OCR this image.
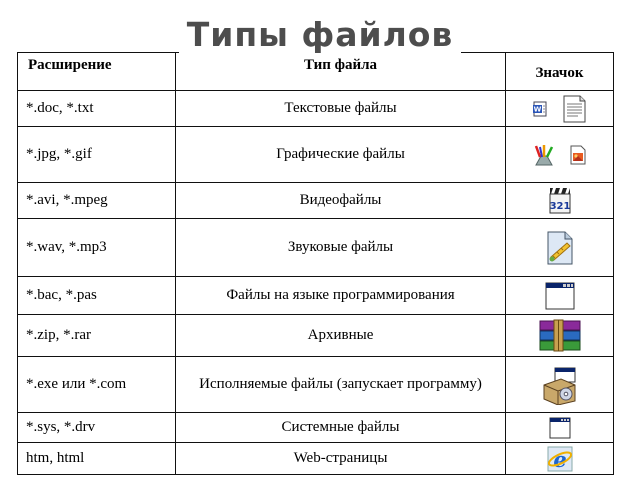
Типы файлов
Расширение	Тип файла	Значок
*.doc, *.txt	Текстовые файлы	W

*.jpg, *.gif	Графические файлы	
*.avi, *.mpeg	Видеофайлы	321

*.wav, *.mp3	Звуковые файлы	
*.bac, *.pas	Файлы на языке программирования	
*.zip, *.rar	Архивные	
*.exe или *.com	Исполняемые файлы (запускает программу)	
*.sys, *.drv	Системные файлы	
htm, html	Web-страницы	e
